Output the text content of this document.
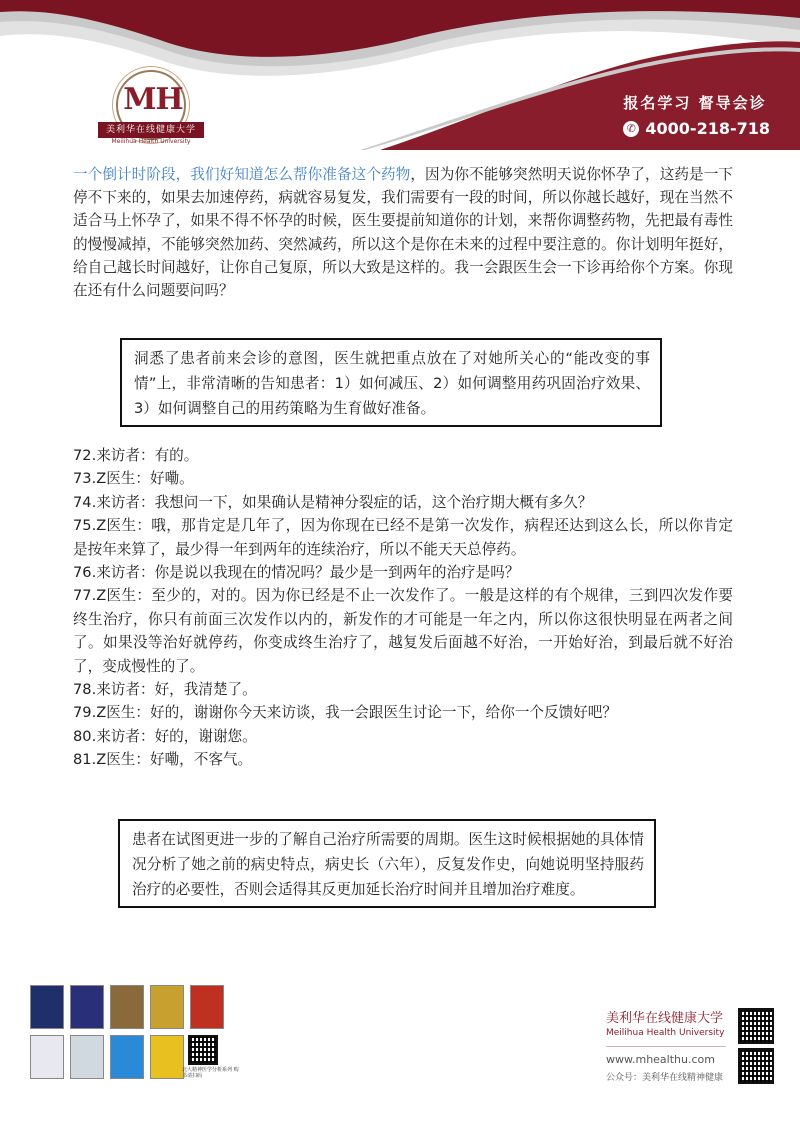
MH
美利华在线健康大学
Meilihua Health University
报名学习 督导会诊
✆ 4000-218-718

一个倒计时阶段，我们好知道怎么帮你准备这个药物，因为你不能够突然明天说你怀孕了，这药是一下停不下来的，如果去加速停药，病就容易复发，我们需要有一段的时间，所以你越长越好，现在当然不适合马上怀孕了，如果不得不怀孕的时候，医生要提前知道你的计划，来帮你调整药物，先把最有毒性的慢慢减掉，不能够突然加药、突然减药，所以这个是你在未来的过程中要注意的。你计划明年挺好，给自己越长时间越好，让你自己复原，所以大致是这样的。我一会跟医生会一下诊再给你个方案。你现在还有什么问题要问吗？

洞悉了患者前来会诊的意图，医生就把重点放在了对她所关心的“能改变的事情”上，非常清晰的告知患者：1）如何减压、2）如何调整用药巩固治疗效果、3）如何调整自己的用药策略为生育做好准备。

72.来访者：有的。

73.Z医生：好嘞。

74.来访者：我想问一下，如果确认是精神分裂症的话，这个治疗期大概有多久？

75.Z医生：哦，那肯定是几年了，因为你现在已经不是第一次发作，病程还达到这么长，所以你肯定是按年来算了，最少得一年到两年的连续治疗，所以不能天天总停药。

76.来访者：你是说以我现在的情况吗？最少是一到两年的治疗是吗？

77.Z医生：至少的，对的。因为你已经是不止一次发作了。一般是这样的有个规律，三到四次发作要终生治疗，你只有前面三次发作以内的，新发作的才可能是一年之内，所以你这很快明显在两者之间了。如果没等治好就停药，你变成终生治疗了，越复发后面越不好治，一开始好治，到最后就不好治了，变成慢性的了。

78.来访者：好，我清楚了。

79.Z医生：好的，谢谢你今天来访谈，我一会跟医生讨论一下，给你一个反馈好吧？

80.来访者：好的，谢谢您。

81.Z医生：好嘞，不客气。

患者在试图更进一步的了解自己治疗所需要的周期。医生这时候根据她的具体情况分析了她之前的病史特点，病史长（六年），反复发作史，向她说明坚持服药治疗的必要性，否则会适得其反更加延长治疗时间并且增加治疗难度。
北大精神医学分析系列 购书请扫码
美利华在线健康大学
Meilihua Health University
www.mhealthu.com
公众号：美利华在线精神健康
